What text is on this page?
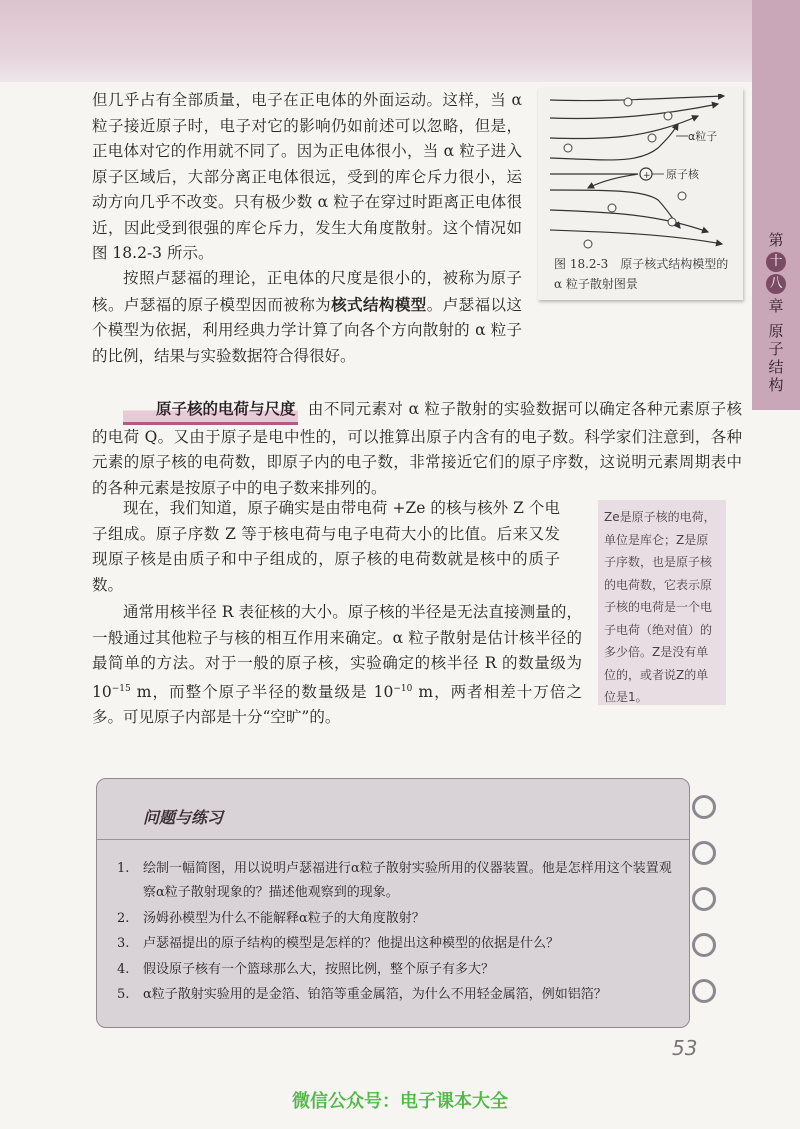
第
十
八
章
原
子
结
构

但几乎占有全部质量，电子在正电体的外面运动。这样，当 α 粒子接近原子时，电子对它的影响仍如前述可以忽略，但是，正电体对它的作用就不同了。因为正电体很小，当 α 粒子进入原子区域后，大部分离正电体很远，受到的库仑斥力很小，运动方向几乎不改变。只有极少数 α 粒子在穿过时距离正电体很近，因此受到很强的库仑斥力，发生大角度散射。这个情况如图 18.2-3 所示。

按照卢瑟福的理论，正电体的尺度是很小的，被称为原子核。卢瑟福的原子模型因而被称为核式结构模型。卢瑟福以这个模型为依据，利用经典力学计算了向各个方向散射的 α 粒子的比例，结果与实验数据符合得很好。

+ 原子核
α粒子

图 18.2-3　原子核式结构模型的 α 粒子散射图景

原子核的电荷与尺度 由不同元素对 α 粒子散射的实验数据可以确定各种元素原子核的电荷 Q。又由于原子是电中性的，可以推算出原子内含有的电子数。科学家们注意到，各种元素的原子核的电荷数，即原子内的电子数，非常接近它们的原子序数，这说明元素周期表中的各种元素是按原子中的电子数来排列的。

现在，我们知道，原子确实是由带电荷 +Ze 的核与核外 Z 个电子组成。原子序数 Z 等于核电荷与电子电荷大小的比值。后来又发现原子核是由质子和中子组成的，原子核的电荷数就是核中的质子数。

通常用核半径 R 表征核的大小。原子核的半径是无法直接测量的，一般通过其他粒子与核的相互作用来确定。α 粒子散射是估计核半径的最简单的方法。对于一般的原子核，实验确定的核半径 R 的数量级为 $10^{-15}$ m，而整个原子半径的数量级是 $10^{-10}$ m，两者相差十万倍之多。可见原子内部是十分“空旷”的。

Ze是原子核的电荷，单位是库仑；Z是原子序数，也是原子核的电荷数，它表示原子核的电荷是一个电子电荷（绝对值）的多少倍。Z是没有单位的，或者说Z的单位是1。

问题与练习
1. 绘制一幅简图，用以说明卢瑟福进行α粒子散射实验所用的仪器装置。他是怎样用这个装置观察α粒子散射现象的？描述他观察到的现象。
2. 汤姆孙模型为什么不能解释α粒子的大角度散射？
3. 卢瑟福提出的原子结构的模型是怎样的？他提出这种模型的依据是什么？
4. 假设原子核有一个篮球那么大，按照比例，整个原子有多大？
5. α粒子散射实验用的是金箔、铂箔等重金属箔，为什么不用轻金属箔，例如铝箔？
53
微信公众号：电子课本大全
